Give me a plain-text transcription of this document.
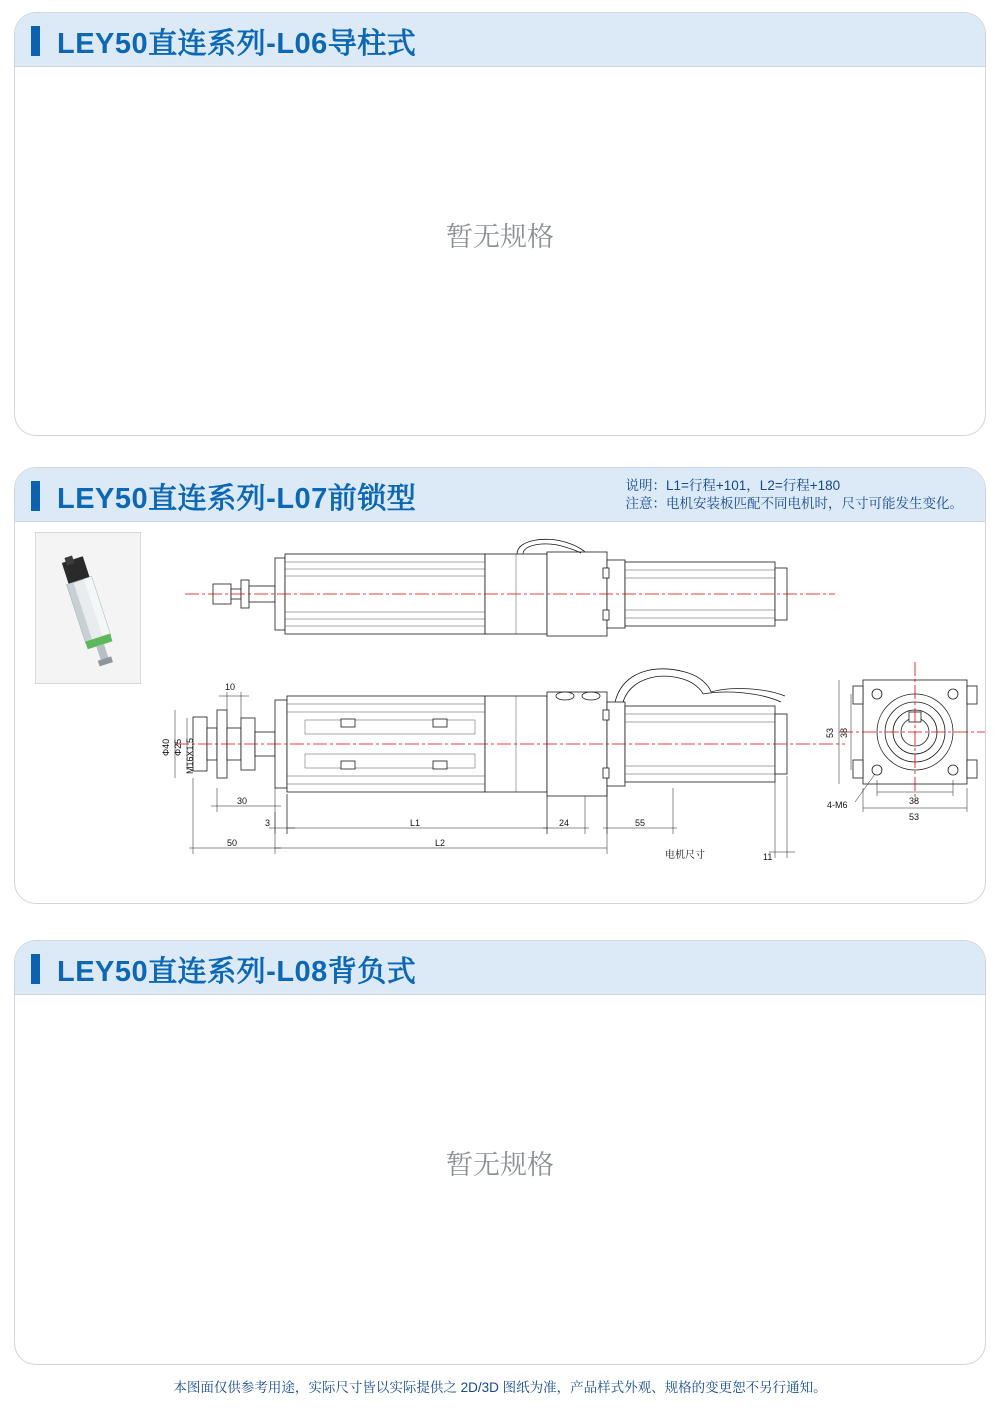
LEY50直连系列-L06导柱式
暂无规格
LEY50直连系列-L07前锁型	说明：L1=行程+101，L2=行程+180
注意：电机安装板匹配不同电机时，尺寸可能发生变化。
10
Φ40 Φ25 M16X1.5
30
3
50
L1
L2
24	55
11
电机尺寸
53 38
38
53
4-M6
LEY50直连系列-L08背负式
暂无规格
本图面仅供参考用途，实际尺寸皆以实际提供之 2D/3D 图纸为准，产品样式外观、规格的变更恕不另行通知。
